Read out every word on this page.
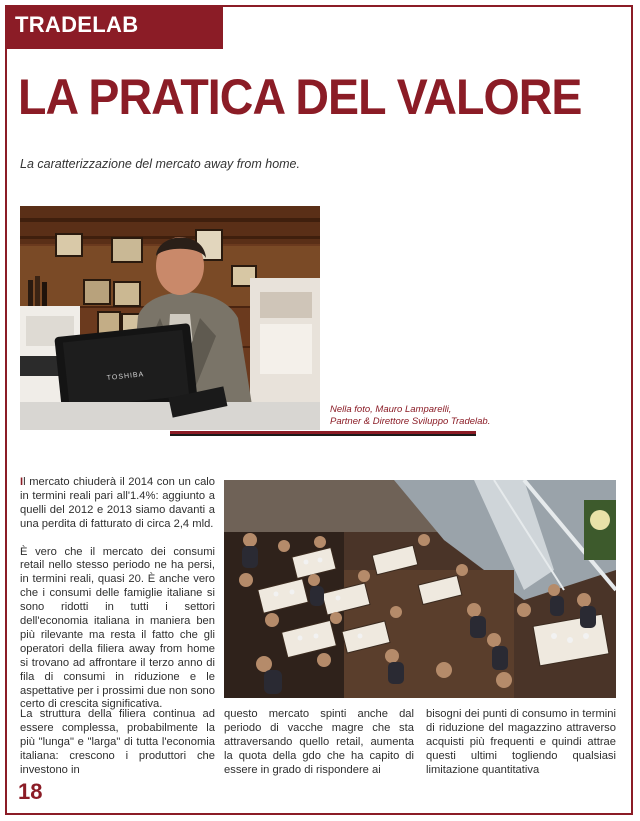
TRADELAB
LA PRATICA DEL VALORE
La caratterizzazione del mercato away from home.
TOSHIBA
Nella foto, Mauro Lamparelli,
Partner & Direttore Sviluppo Tradelab.

Il mercato chiuderà il 2014 con un calo in termini reali pari all'1.4%: aggiunto a quelli del 2012 e 2013 siamo davanti a una perdita di fatturato di circa 2,4 mld.

È vero che il mercato dei consumi retail nello stesso periodo ne ha persi, in termini reali, quasi 20. È anche vero che i consumi delle famiglie italiane si sono ridotti in tutti i settori dell'economia italiana in maniera ben più rilevante ma resta il fatto che gli operatori della filiera away from home si trovano ad affrontare il terzo anno di fila di consumi in riduzione e le aspettative per i prossimi due non sono certo di crescita significativa.

La struttura della filiera continua ad essere complessa, probabilmente la più "lunga" e "larga" di tutta l'economia italiana: crescono i produttori che investono in
questo mercato spinti anche dal periodo di vacche magre che sta attraversando quello retail, aumenta la quota della gdo che ha capito di essere in grado di rispondere ai
bisogni dei punti di consumo in termini di riduzione del magazzino attraverso acquisti più frequenti e quindi attrae questi ultimi togliendo qualsiasi limitazione quantitativa
18
